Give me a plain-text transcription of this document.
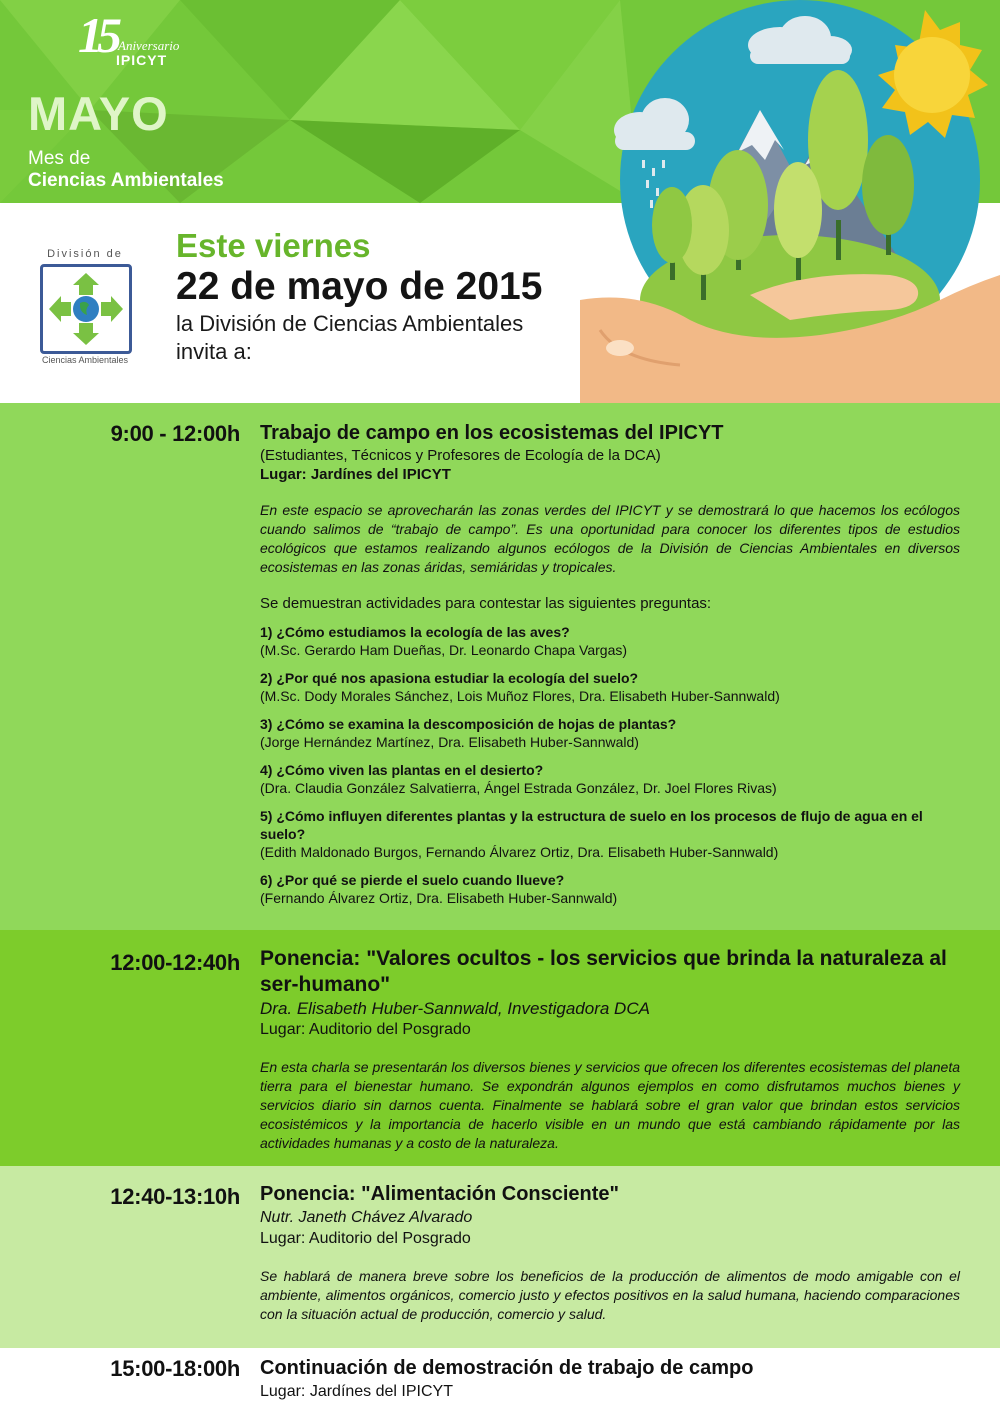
15 Aniversario
IPICYT
MAYO
Mes de
Ciencias Ambientales
División de
Ciencias Ambientales
Este viernes
22 de mayo de 2015
la División de Ciencias Ambientales
invita a:
9:00 - 12:00h Trabajo de campo en los ecosistemas del IPICYT
(Estudiantes, Técnicos y Profesores de Ecología de la DCA)
Lugar: Jardínes del IPICYT
En este espacio se aprovecharán las zonas verdes del IPICYT y se demostrará lo que hacemos los ecólogos cuando salimos de “trabajo de campo”. Es una oportunidad para conocer los diferentes tipos de estudios ecológicos que estamos realizando algunos ecólogos de la División de Ciencias Ambientales en diversos ecosistemas en las zonas áridas, semiáridas y tropicales.
Se demuestran actividades para contestar las siguientes preguntas:
1) ¿Cómo estudiamos la ecología de las aves?
(M.Sc. Gerardo Ham Dueñas, Dr. Leonardo Chapa Vargas)
2) ¿Por qué nos apasiona estudiar la ecología del suelo?
(M.Sc. Dody Morales Sánchez, Lois Muñoz Flores, Dra. Elisabeth Huber-Sannwald)
3) ¿Cómo se examina la descomposición de hojas de plantas?
(Jorge Hernández Martínez, Dra. Elisabeth Huber-Sannwald)
4) ¿Cómo viven las plantas en el desierto?
(Dra. Claudia González Salvatierra, Ángel Estrada González, Dr. Joel Flores Rivas)
5) ¿Cómo influyen diferentes plantas y la estructura de suelo en los procesos de flujo de agua en el suelo?
(Edith Maldonado Burgos, Fernando Álvarez Ortiz, Dra. Elisabeth Huber-Sannwald)
6) ¿Por qué se pierde el suelo cuando llueve?
(Fernando Álvarez Ortiz, Dra. Elisabeth Huber-Sannwald)
12:00-12:40h Ponencia: "Valores ocultos - los servicios que brinda la naturaleza al ser-humano"
Dra. Elisabeth Huber-Sannwald, Investigadora DCA
Lugar: Auditorio del Posgrado
En esta charla se presentarán los diversos bienes y servicios que ofrecen los diferentes ecosistemas del planeta tierra para el bienestar humano. Se expondrán algunos ejemplos en como disfrutamos muchos bienes y servicios diario sin darnos cuenta. Finalmente se hablará sobre el gran valor que brindan estos servicios ecosistémicos y la importancia de hacerlo visible en un mundo que está cambiando rápidamente por las actividades humanas y a costo de la naturaleza.
12:40-13:10h Ponencia: "Alimentación Consciente"
Nutr. Janeth Chávez Alvarado
Lugar: Auditorio del Posgrado
Se hablará de manera breve sobre los beneficios de la producción de alimentos de modo amigable con el ambiente, alimentos orgánicos, comercio justo y efectos positivos en la salud humana, haciendo comparaciones con la situación actual de producción, comercio y salud.
15:00-18:00h Continuación de demostración de trabajo de campo
Lugar: Jardínes del IPICYT
